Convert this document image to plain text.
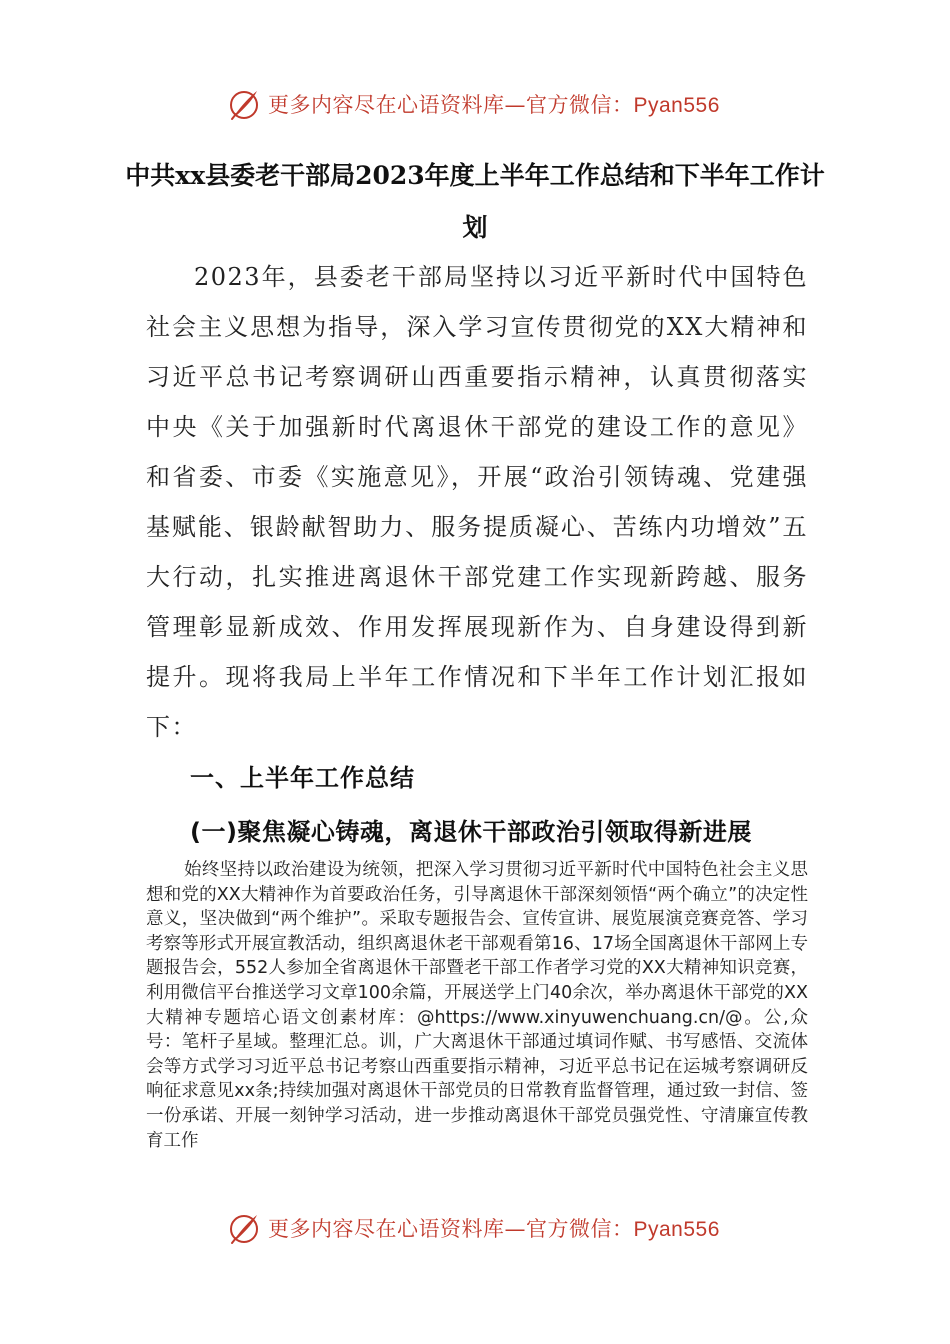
更多内容尽在心语资料库—官方微信：Pyan556
中共xx县委老干部局2023年度上半年工作总结和下半年工作计划
2023年，县委老干部局坚持以习近平新时代中国特色社会主义思想为指导，深入学习宣传贯彻党的XX大精神和习近平总书记考察调研山西重要指示精神，认真贯彻落实中央《关于加强新时代离退休干部党的建设工作的意见》和省委、市委《实施意见》，开展“政治引领铸魂、党建强基赋能、银龄献智助力、服务提质凝心、苦练内功增效”五大行动，扎实推进离退休干部党建工作实现新跨越、服务管理彰显新成效、作用发挥展现新作为、自身建设得到新提升。现将我局上半年工作情况和下半年工作计划汇报如下：
一、上半年工作总结
(一)聚焦凝心铸魂，离退休干部政治引领取得新进展
始终坚持以政治建设为统领，把深入学习贯彻习近平新时代中国特色社会主义思想和党的XX大精神作为首要政治任务，引导离退休干部深刻领悟“两个确立”的决定性意义，坚决做到“两个维护”。采取专题报告会、宣传宣讲、展览展演竞赛竞答、学习考察等形式开展宣教活动，组织离退休老干部观看第16、17场全国离退休干部网上专题报告会，552人参加全省离退休干部暨老干部工作者学习党的XX大精神知识竞赛，利用微信平台推送学习文章100余篇，开展送学上门40余次，举办离退休干部党的XX大精神专题培心语文创素材库：@https://www.xinyuwenchuang.cn/@。公,众号：笔杆子星域。整理汇总。训，广大离退休干部通过填词作赋、书写感悟、交流体会等方式学习习近平总书记考察山西重要指示精神，习近平总书记在运城考察调研反响征求意见xx条;持续加强对离退休干部党员的日常教育监督管理，通过致一封信、签一份承诺、开展一刻钟学习活动，进一步推动离退休干部党员强党性、守清廉宣传教育工作
更多内容尽在心语资料库—官方微信：Pyan556
